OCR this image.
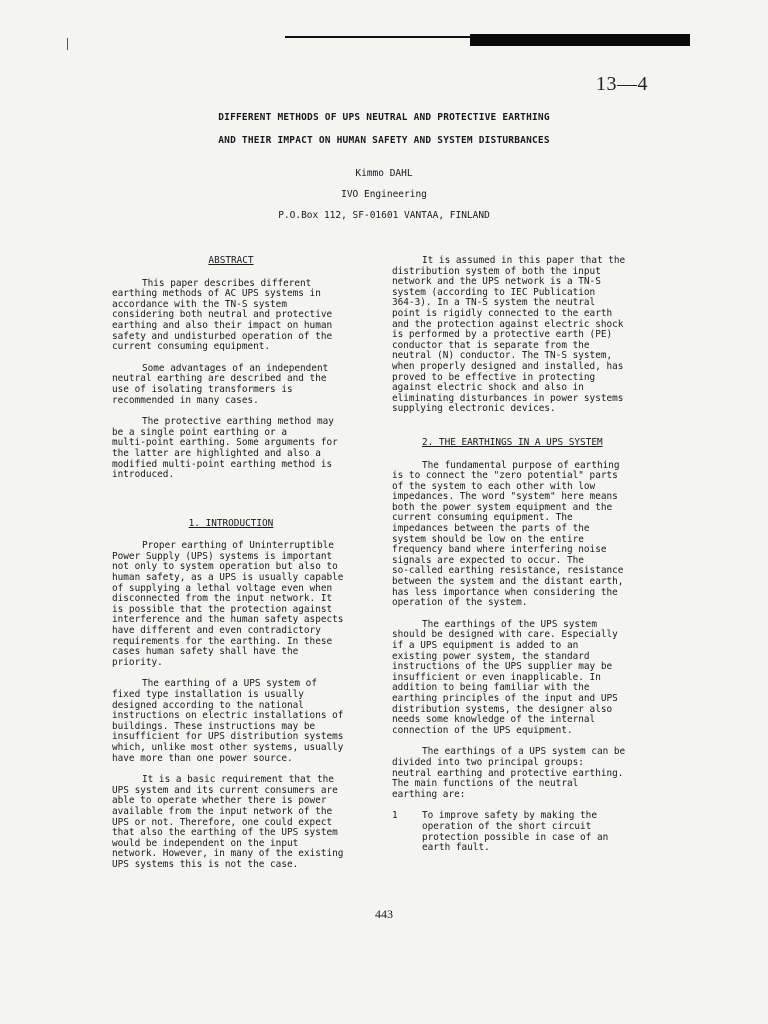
13—4
DIFFERENT METHODS OF UPS NEUTRAL AND PROTECTIVE EARTHING
AND THEIR IMPACT ON HUMAN SAFETY AND SYSTEM DISTURBANCES
Kimmo DAHL
IVO Engineering
P.O.Box 112, SF-01601 VANTAA, FINLAND
ABSTRACT

This paper describes different
earthing methods of AC UPS systems in
accordance with the TN-S system
considering both neutral and protective
earthing and also their impact on human
safety and undisturbed operation of the
current consuming equipment.

Some advantages of an independent
neutral earthing are described and the
use of isolating transformers is
recommended in many cases.

The protective earthing method may
be a single point earthing or a
multi-point earthing. Some arguments for
the latter are highlighted and also a
modified multi-point earthing method is
introduced.

1. INTRODUCTION

Proper earthing of Uninterruptible
Power Supply (UPS) systems is important
not only to system operation but also to
human safety, as a UPS is usually capable
of supplying a lethal voltage even when
disconnected from the input network. It
is possible that the protection against
interference and the human safety aspects
have different and even contradictory
requirements for the earthing. In these
cases human safety shall have the
priority.

The earthing of a UPS system of
fixed type installation is usually
designed according to the national
instructions on electric installations of
buildings. These instructions may be
insufficient for UPS distribution systems
which, unlike most other systems, usually
have more than one power source.

It is a basic requirement that the
UPS system and its current consumers are
able to operate whether there is power
available from the input network of the
UPS or not. Therefore, one could expect
that also the earthing of the UPS system
would be independent on the input
network. However, in many of the existing
UPS systems this is not the case.

It is assumed in this paper that the
distribution system of both the input
network and the UPS network is a TN-S
system (according to IEC Publication
364-3). In a TN-S system the neutral
point is rigidly connected to the earth
and the protection against electric shock
is performed by a protective earth (PE)
conductor that is separate from the
neutral (N) conductor. The TN-S system,
when properly designed and installed, has
proved to be effective in protecting
against electric shock and also in
eliminating disturbances in power systems
supplying electronic devices.

2. THE EARTHINGS IN A UPS SYSTEM

The fundamental purpose of earthing
is to connect the "zero potential" parts
of the system to each other with low
impedances. The word "system" here means
both the power system equipment and the
current consuming equipment. The
impedances between the parts of the
system should be low on the entire
frequency band where interfering noise
signals are expected to occur. The
so-called earthing resistance, resistance
between the system and the distant earth,
has less importance when considering the
operation of the system.

The earthings of the UPS system
should be designed with care. Especially
if a UPS equipment is added to an
existing power system, the standard
instructions of the UPS supplier may be
insufficient or even inapplicable. In
addition to being familiar with the
earthing principles of the input and UPS
distribution systems, the designer also
needs some knowledge of the internal
connection of the UPS equipment.

The earthings of a UPS system can be
divided into two principal groups:
neutral earthing and protective earthing.
The main functions of the neutral
earthing are:

1	To improve safety by making the
operation of the short circuit
protection possible in case of an
earth fault.
443
